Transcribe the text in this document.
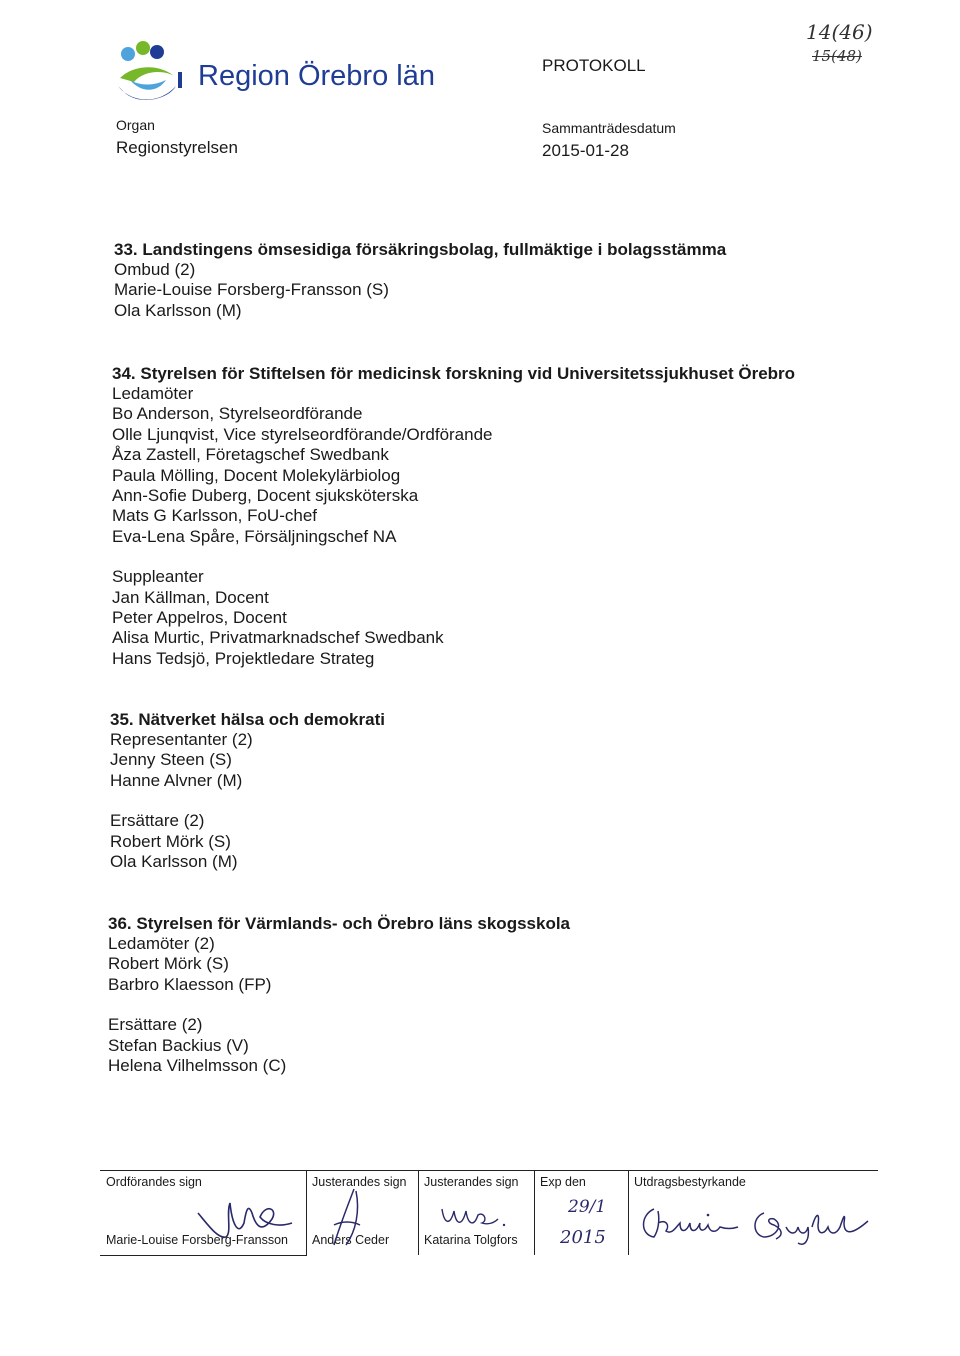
Region Örebro län	PROTOKOLL
14(46)
15(48)
Organ
Regionstyrelsen
Sammanträdesdatum
2015-01-28
33. Landstingens ömsesidiga försäkringsbolag, fullmäktige i bolagsstämma
Ombud (2)
Marie-Louise Forsberg-Fransson (S)
Ola Karlsson (M)
34. Styrelsen för Stiftelsen för medicinsk forskning vid Universitetssjukhuset Örebro
Ledamöter
Bo Anderson, Styrelseordförande
Olle Ljunqvist, Vice styrelseordförande/Ordförande
Åza Zastell, Företagschef Swedbank
Paula Mölling, Docent Molekylärbiolog
Ann-Sofie Duberg, Docent sjuksköterska
Mats G Karlsson, FoU-chef
Eva-Lena Spåre, Försäljningschef NA
Suppleanter
Jan Källman, Docent
Peter Appelros, Docent
Alisa Murtic, Privatmarknadschef Swedbank
Hans Tedsjö, Projektledare Strateg
35. Nätverket hälsa och demokrati
Representanter (2)
Jenny Steen (S)
Hanne Alvner (M)
Ersättare (2)
Robert Mörk (S)
Ola Karlsson (M)
36. Styrelsen för Värmlands- och Örebro läns skogsskola
Ledamöter (2)
Robert Mörk (S)
Barbro Klaesson (FP)
Ersättare (2)
Stefan Backius (V)
Helena Vilhelmsson (C)
Ordförandes sign
Marie-Louise Forsberg-Fransson
Justerandes sign
Anders Ceder
Justerandes sign
Katarina Tolgfors
Exp den
29/1
2015
Utdragsbestyrkande
